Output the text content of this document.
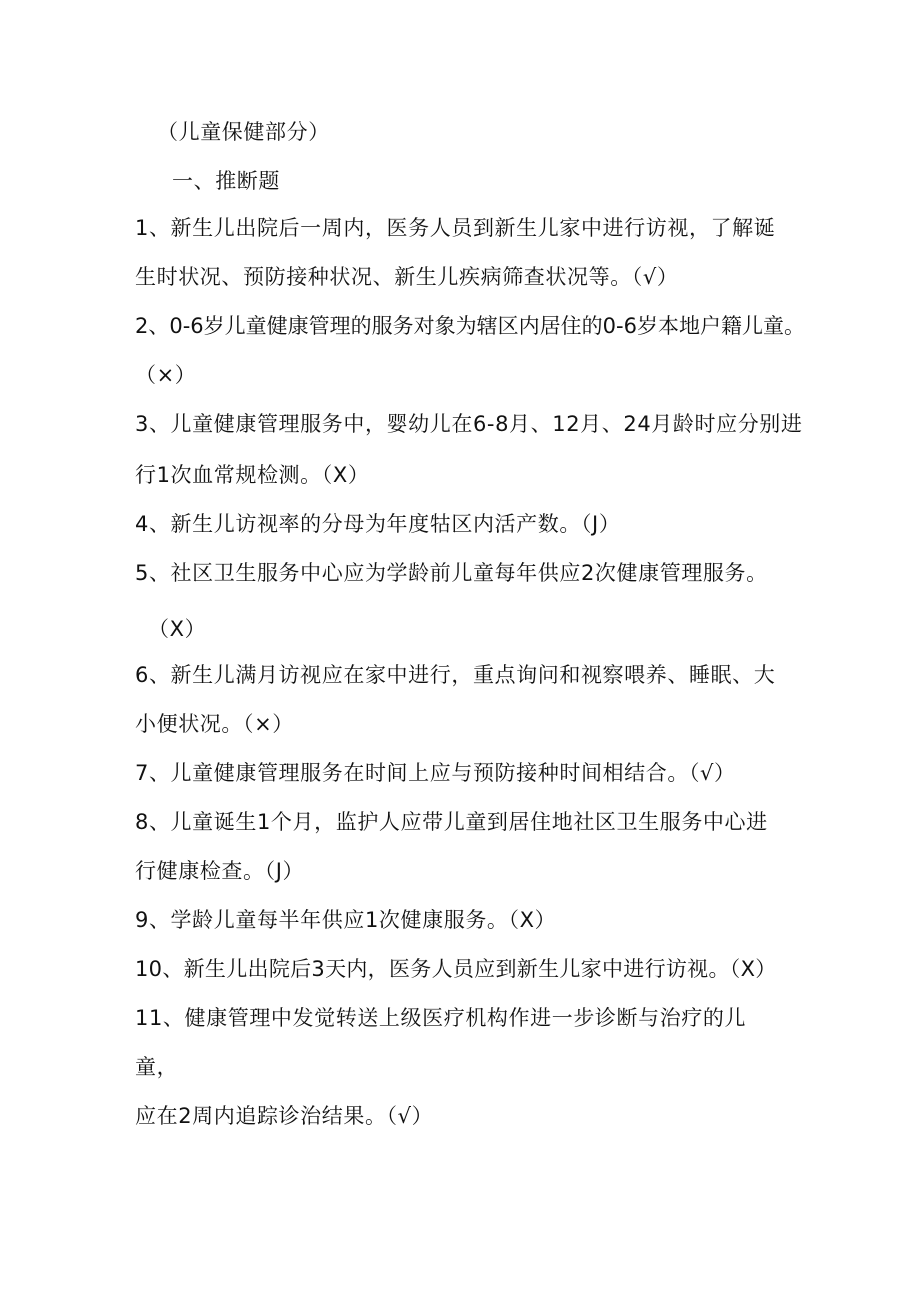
（儿童保健部分）

一、推断题

1、新生儿出院后一周内，医务人员到新生儿家中进行访视，了解诞

生时状况、预防接种状况、新生儿疾病筛查状况等。（√）

2、0-6岁儿童健康管理的服务对象为辖区内居住的0-6岁本地户籍儿童。

（×）

3、儿童健康管理服务中，婴幼儿在6-8月、12月、24月龄时应分别进

行1次血常规检测。（X）

4、新生儿访视率的分母为年度牯区内活产数。（J）

5、社区卫生服务中心应为学龄前儿童每年供应2次健康管理服务。

（X）

6、新生儿满月访视应在家中进行，重点询问和视察喂养、睡眠、大

小便状况。（×）

7、儿童健康管理服务在时间上应与预防接种时间相结合。（√）

8、儿童诞生1个月，监护人应带儿童到居住地社区卫生服务中心进

行健康检查。（J）

9、学龄儿童每半年供应1次健康服务。（X）

10、新生儿出院后3天内，医务人员应到新生儿家中进行访视。（X）

11、健康管理中发觉转送上级医疗机构作进一步诊断与治疗的儿

童，

应在2周内追踪诊治结果。（√）
